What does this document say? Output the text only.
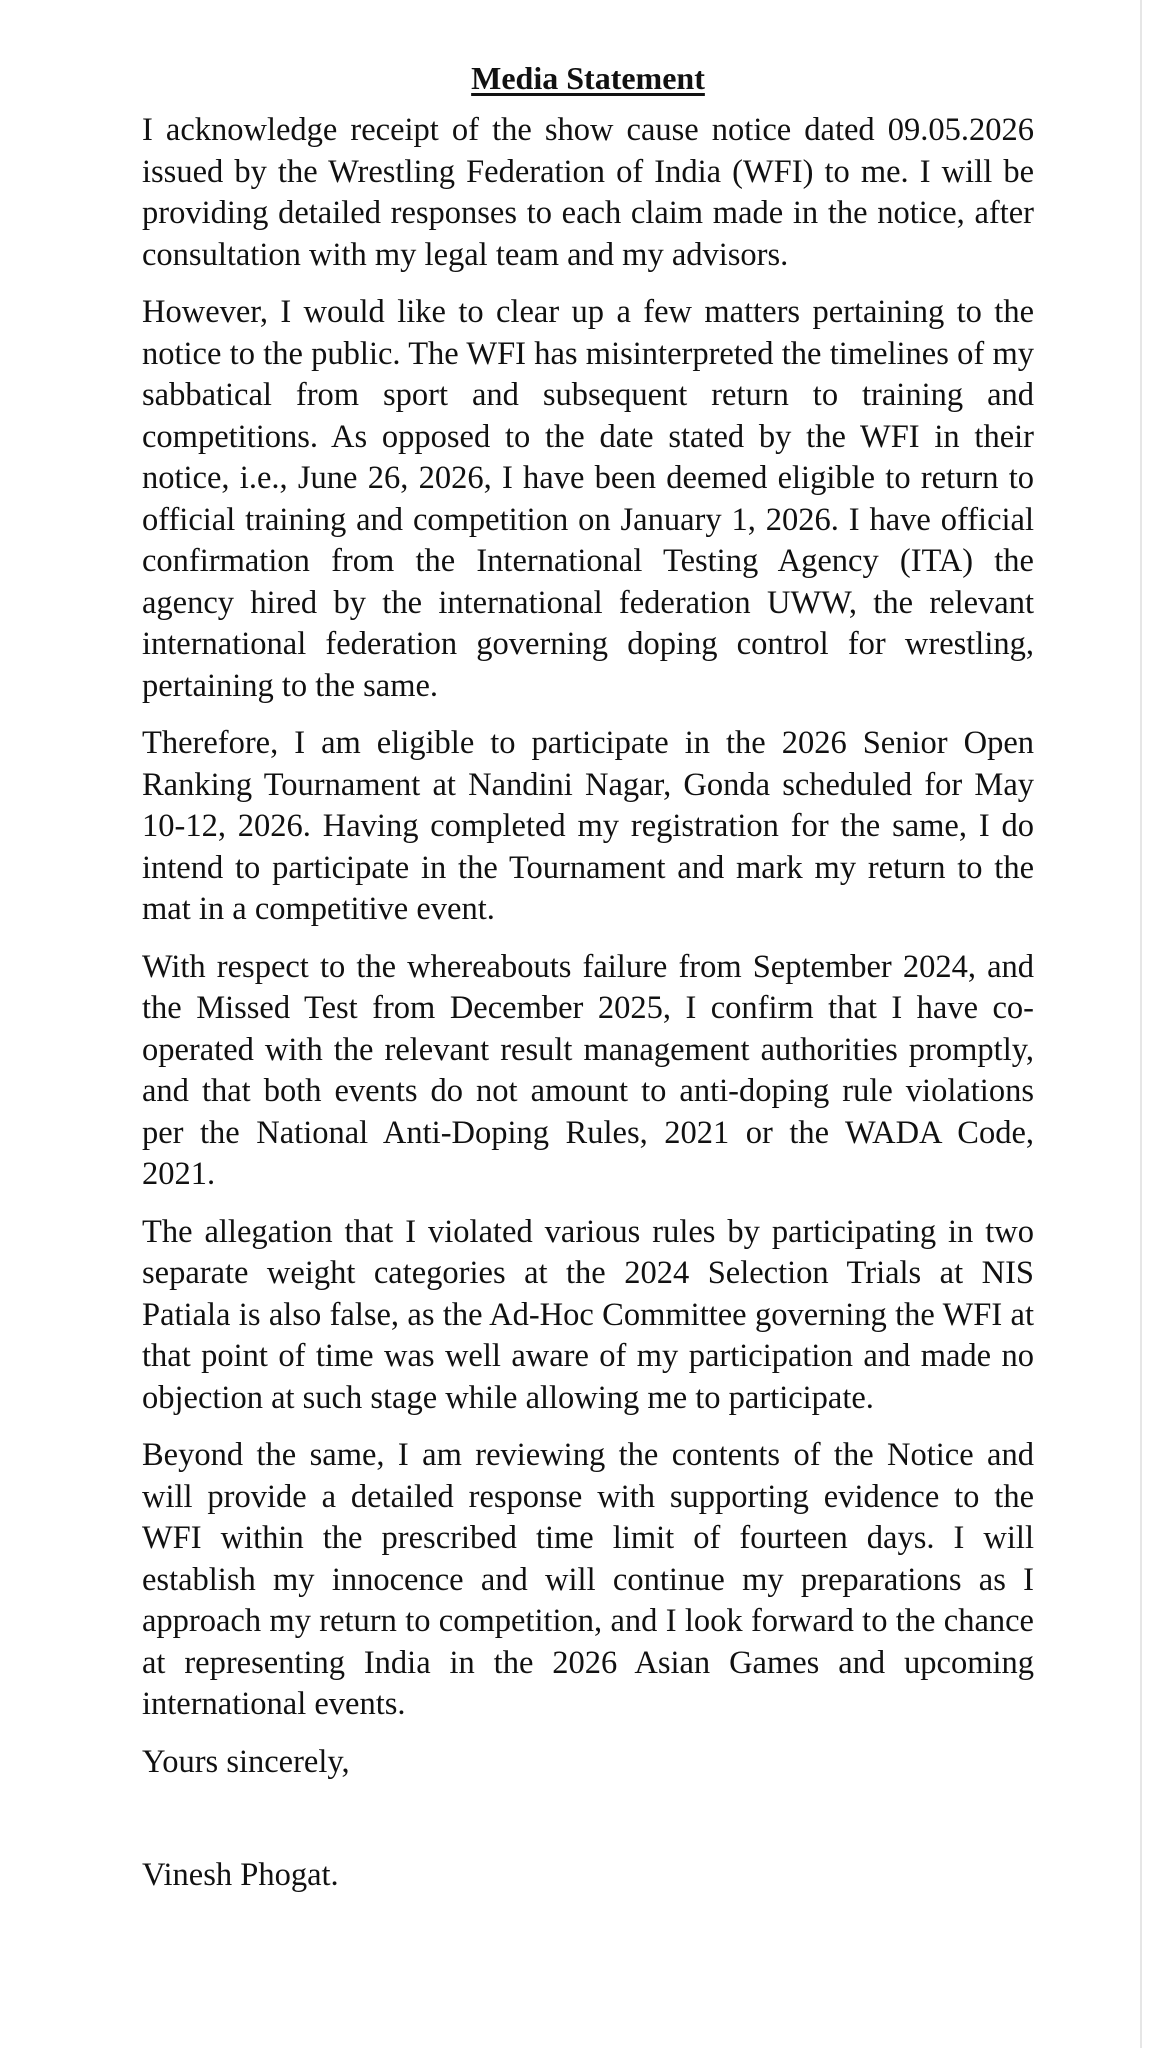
Media Statement

I acknowledge receipt of the show cause notice dated 09.05.2026 issued by the Wrestling Federation of India (WFI) to me. I will be providing detailed responses to each claim made in the notice, after consultation with my legal team and my advisors.

However, I would like to clear up a few matters pertaining to the notice to the public. The WFI has misinterpreted the timelines of my sabbatical from sport and subsequent return to training and competitions. As opposed to the date stated by the WFI in their notice, i.e., June 26, 2026, I have been deemed eligible to return to official training and competition on January 1, 2026. I have official confirmation from the International Testing Agency (ITA) the agency hired by the international federation UWW, the relevant international federation governing doping control for wrestling, pertaining to the same.

Therefore, I am eligible to participate in the 2026 Senior Open Ranking Tournament at Nandini Nagar, Gonda scheduled for May 10-12, 2026. Having completed my registration for the same, I do intend to participate in the Tournament and mark my return to the mat in a competitive event.

With respect to the whereabouts failure from September 2024, and the Missed Test from December 2025, I confirm that I have co-operated with the relevant result management authorities promptly, and that both events do not amount to anti-doping rule violations per the National Anti-Doping Rules, 2021 or the WADA Code, 2021.

The allegation that I violated various rules by participating in two separate weight categories at the 2024 Selection Trials at NIS Patiala is also false, as the Ad-Hoc Committee governing the WFI at that point of time was well aware of my participation and made no objection at such stage while allowing me to participate.

Beyond the same, I am reviewing the contents of the Notice and will provide a detailed response with supporting evidence to the WFI within the prescribed time limit of fourteen days. I will establish my innocence and will continue my preparations as I approach my return to competition, and I look forward to the chance at representing India in the 2026 Asian Games and upcoming international events.

Yours sincerely,

Vinesh Phogat.
